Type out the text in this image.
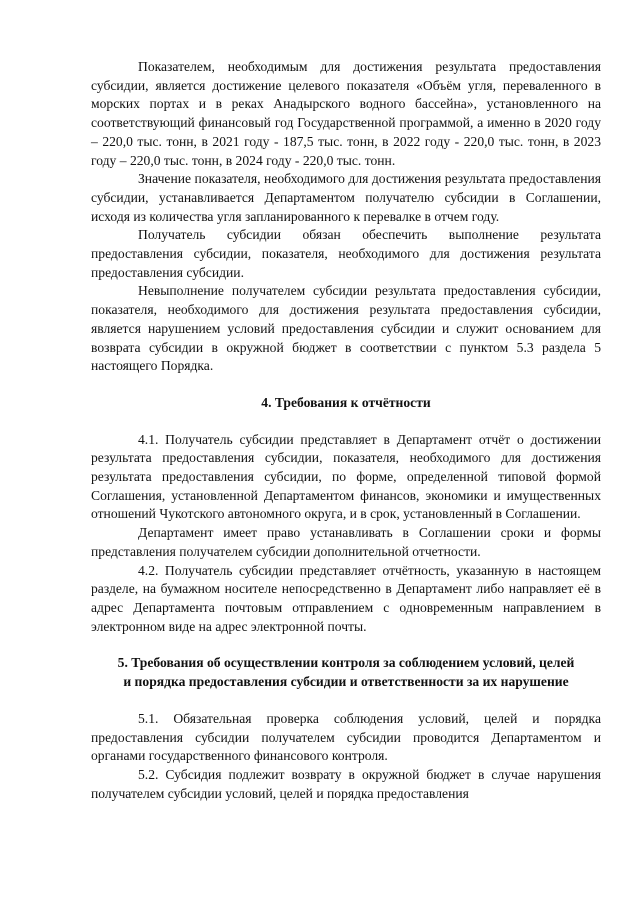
Показателем, необходимым для достижения результата предоставления субсидии, является достижение целевого показателя «Объём угля, переваленного в морских портах и в реках Анадырского водного бассейна», установленного на соответствующий финансовый год Государственной программой, а именно в 2020 году – 220,0 тыс. тонн, в 2021 году - 187,5 тыс. тонн, в 2022 году - 220,0 тыс. тонн, в 2023 году – 220,0 тыс. тонн, в 2024 году - 220,0 тыс. тонн.

Значение показателя, необходимого для достижения результата предоставления субсидии, устанавливается Департаментом получателю субсидии в Соглашении, исходя из количества угля запланированного к перевалке в отчем году.

Получатель субсидии обязан обеспечить выполнение результата предоставления субсидии, показателя, необходимого для достижения результата предоставления субсидии.

Невыполнение получателем субсидии результата предоставления субсидии, показателя, необходимого для достижения результата предоставления субсидии, является нарушением условий предоставления субсидии и служит основанием для возврата субсидии в окружной бюджет в соответствии с пунктом 5.3 раздела 5 настоящего Порядка.

4. Требования к отчётности

4.1. Получатель субсидии представляет в Департамент отчёт о достижении результата предоставления субсидии, показателя, необходимого для достижения результата предоставления субсидии, по форме, определенной типовой формой Соглашения, установленной Департаментом финансов, экономики и имущественных отношений Чукотского автономного округа, и в срок, установленный в Соглашении.

Департамент имеет право устанавливать в Соглашении сроки и формы представления получателем субсидии дополнительной отчетности.

4.2. Получатель субсидии представляет отчётность, указанную в настоящем разделе, на бумажном носителе непосредственно в Департамент либо направляет её в адрес Департамента почтовым отправлением с одновременным направлением в электронном виде на адрес электронной почты.

5. Требования об осуществлении контроля за соблюдением условий, целей

и порядка предоставления субсидии и ответственности за их нарушение

5.1. Обязательная проверка соблюдения условий, целей и порядка предоставления субсидии получателем субсидии проводится Департаментом и органами государственного финансового контроля.

5.2. Субсидия подлежит возврату в окружной бюджет в случае нарушения получателем субсидии условий, целей и порядка предоставления
